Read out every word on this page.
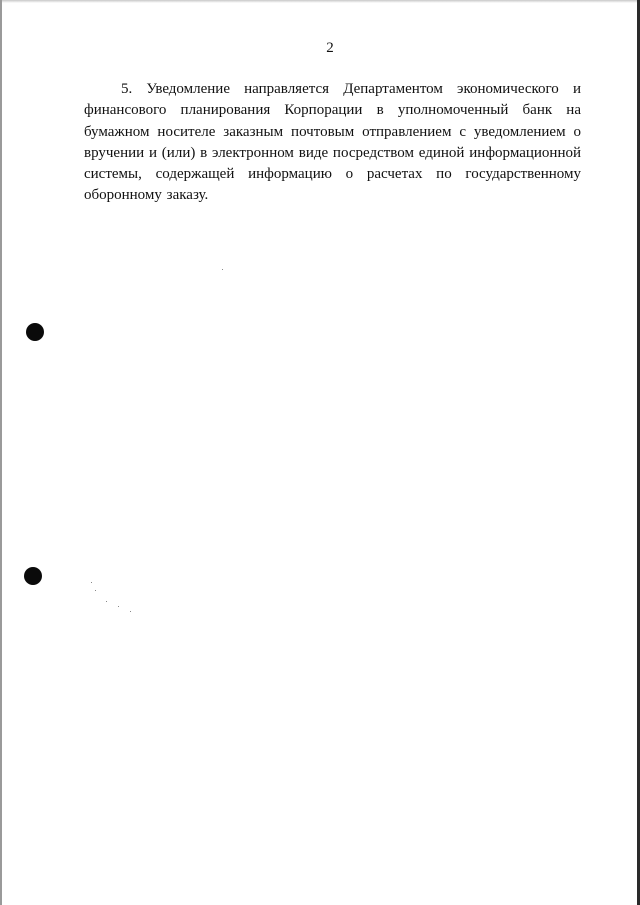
2

5. Уведомление направляется Департаментом экономического и финансового планирования Корпорации в уполномоченный банк на бумажном носителе заказным почтовым отправлением с уведомлением о вручении и (или) в электронном виде посредством единой информационной системы, содержащей информацию о расчетах по государственному оборонному заказу.
